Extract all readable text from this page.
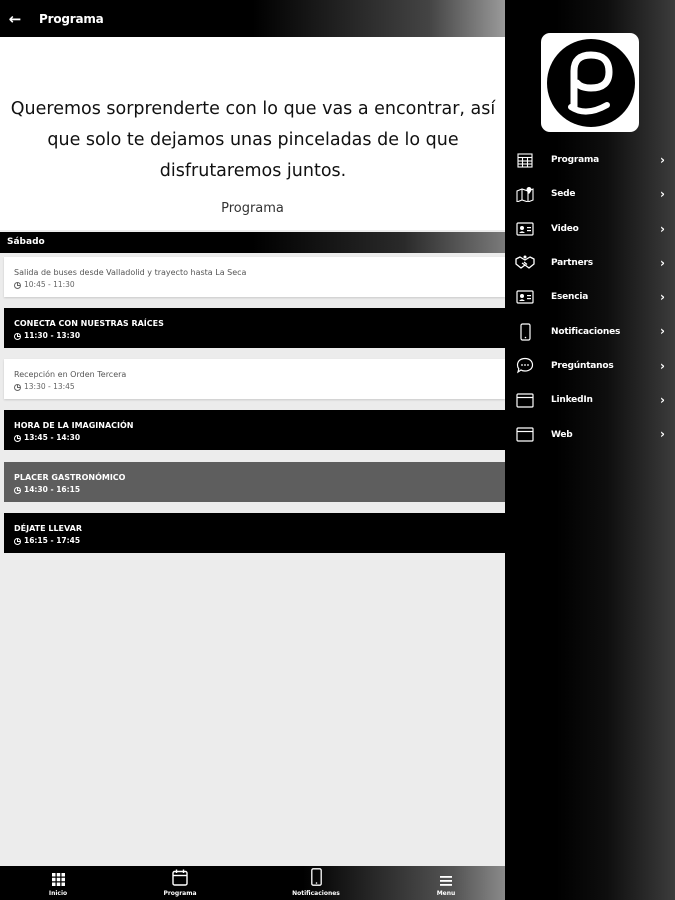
←	Programa
Queremos sorprenderte con lo que vas a encontrar, así
que solo te dejamos unas pinceladas de lo que
disfrutaremos juntos.
Programa
Sábado
Salida de buses desde Valladolid y trayecto hasta La Seca
10:45 - 11:30
CONECTA CON NUESTRAS RAÍCES
11:30 - 13:30
Recepción en Orden Tercera
13:30 - 13:45
HORA DE LA IMAGINACIÓN
13:45 - 14:30
PLACER GASTRONÓMICO
14:30 - 16:15
DÉJATE LLEVAR
16:15 - 17:45
Inicio	Programa	Notificaciones	Menu
Programa	›
Sede	›
Video	›
Partners	›
Esencia	›
Notificaciones	›
Pregúntanos	›
LinkedIn	›
Web	›
